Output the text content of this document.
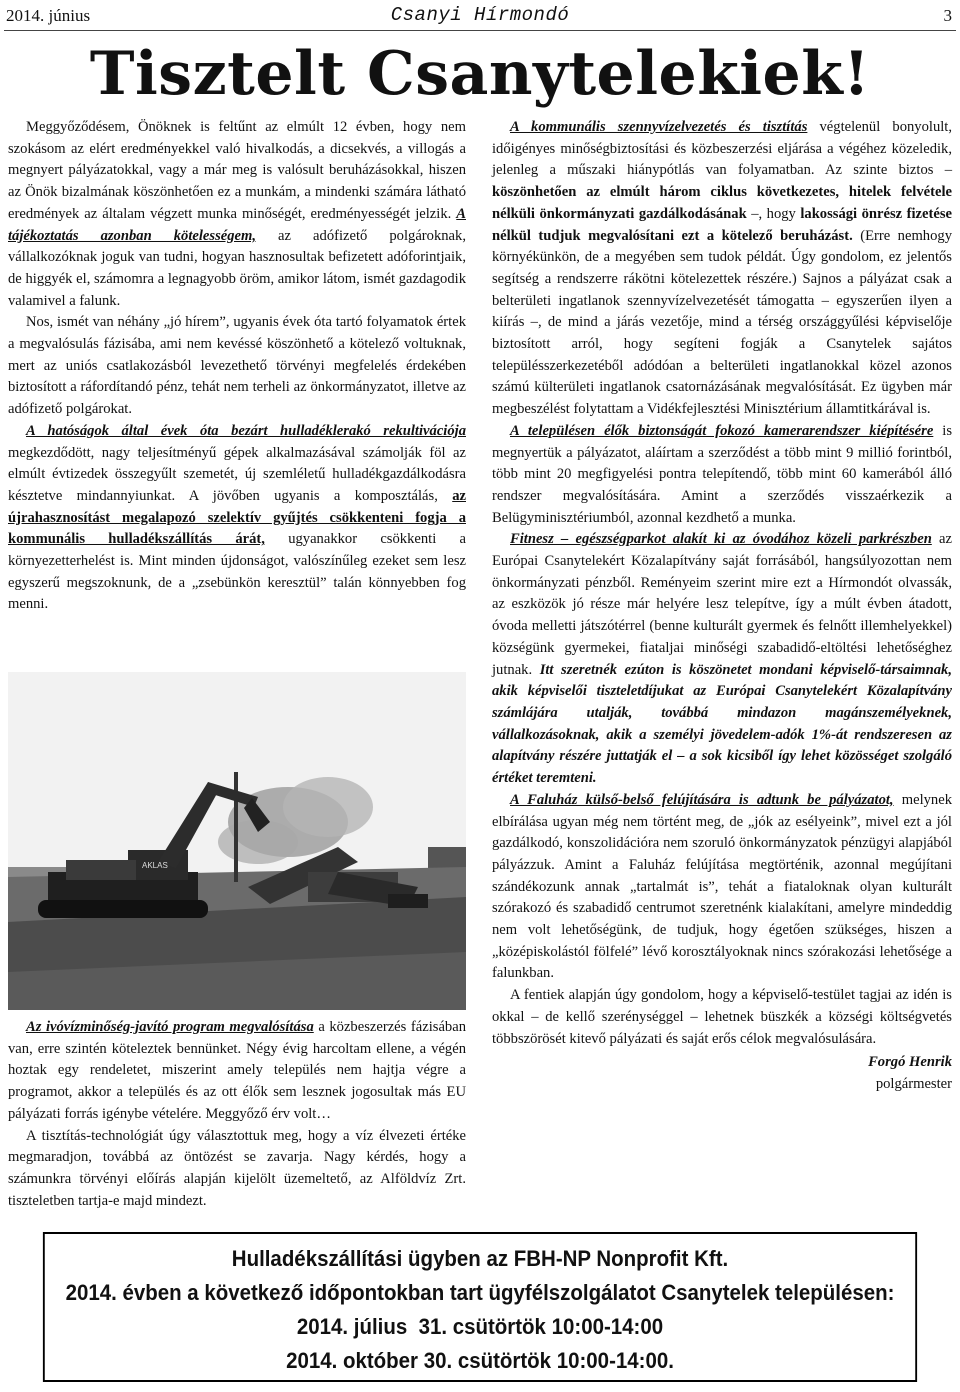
2014. június	Csanyi Hírmondó	3
Tisztelt Csanytelekiek!

Meggyőződésem, Önöknek is feltűnt az elmúlt 12 évben, hogy nem szokásom az elért eredményekkel való hivalkodás, a dicsekvés, a villogás a megnyert pályázatokkal, vagy a már meg is valósult beruházásokkal, hiszen az Önök bizalmának köszönhetően ez a munkám, a mindenki számára látható eredmények az általam végzett munka minőségét, eredményességét jelzik. A tájékoztatás azonban kötelességem, az adófizető polgároknak, vállalkozóknak joguk van tudni, hogyan hasznosultak befizetett adóforintjaik, de higgyék el, számomra a legnagyobb öröm, amikor látom, ismét gazdagodik valamivel a falunk.

Nos, ismét van néhány „jó hírem”, ugyanis évek óta tartó folyamatok értek a megvalósulás fázisába, ami nem kevéssé köszönhető a kötelező voltuknak, mert az uniós csatlakozásból levezethető törvényi megfelelés érdekében biztosított a ráfordítandó pénz, tehát nem terheli az önkormányzatot, illetve az adófizető polgárokat.

A hatóságok által évek óta bezárt hulladéklerakó rekultivációja megkezdődött, nagy teljesítményű gépek alkalmazásával számolják föl az elmúlt évtizedek összegyűlt szemetét, új szemléletű hulladékgazdálkodásra késztetve mindannyiunkat. A jövőben ugyanis a komposztálás, az újrahasznosítást megalapozó szelektív gyűjtés csökkenteni fogja a kommunális hulladékszállítás árát, ugyanakkor csökkenti a környezetterhelést is. Mint minden újdonságot, valószínűleg ezeket sem lesz egyszerű megszoknunk, de a „zsebünkön keresztül” talán könnyebben fog menni.

AKLAS

Az ivóvízminőség-javító program megvalósítása a közbeszerzés fázisában van, erre szintén köteleztek bennünket. Négy évig harcoltam ellene, a végén hoztak egy rendeletet, miszerint amely település nem hajtja végre a programot, akkor a település és az ott élők sem lesznek jogosultak más EU pályázati forrás igénybe vételére. Meggyőző érv volt…

A tisztítás-technológiát úgy választottuk meg, hogy a víz élvezeti értéke megmaradjon, továbbá az öntözést se zavarja. Nagy kérdés, hogy a számunkra törvényi előírás alapján kijelölt üzemeltető, az Alföldvíz Zrt. tiszteletben tartja-e majd mindezt.

A kommunális szennyvízelvezetés és tisztítás végtelenül bonyolult, időigényes minőségbiztosítási és közbeszerzési eljárása a végéhez közeledik, jelenleg a műszaki hiánypótlás van folyamatban. Az szinte biztos – köszönhetően az elmúlt három ciklus következetes, hitelek felvétele nélküli önkormányzati gazdálkodásának –, hogy lakossági önrész fizetése nélkül tudjuk megvalósítani ezt a kötelező beruházást. (Erre nemhogy környékünkön, de a megyében sem tudok példát. Úgy gondolom, ez jelentős segítség a rendszerre rákötni kötelezettek részére.) Sajnos a pályázat csak a belterületi ingatlanok szennyvízelvezetését támogatta – egyszerűen ilyen a kiírás –, de mind a járás vezetője, mind a térség országgyűlési képviselője biztosított arról, hogy segíteni fogják a Csanytelek sajátos településszerkezetéből adódóan a belterületi ingatlanokkal közel azonos számú külterületi ingatlanok csatornázásának megvalósítását. Ez ügyben már megbeszélést folytattam a Vidékfejlesztési Minisztérium államtitkárával is.

A településen élők biztonságát fokozó kamerarendszer kiépítésére is megnyertük a pályázatot, aláírtam a szerződést a több mint 9 millió forintból, több mint 20 megfigyelési pontra telepítendő, több mint 60 kamerából álló rendszer megvalósítására. Amint a szerződés visszaérkezik a Belügyminisztériumból, azonnal kezdhető a munka.

Fitnesz – egészségparkot alakít ki az óvodához közeli parkrészben az Európai Csanytelekért Közalapítvány saját forrásából, hangsúlyozottan nem önkormányzati pénzből. Reményeim szerint mire ezt a Hírmondót olvassák, az eszközök jó része már helyére lesz telepítve, így a múlt évben átadott, óvoda melletti játszótérrel (benne kulturált gyermek és felnőtt illemhelyekkel) községünk gyermekei, fiataljai minőségi szabadidő-eltöltési lehetőséghez jutnak. Itt szeretnék ezúton is köszönetet mondani képviselő-társaimnak, akik képviselői tiszteletdíjukat az Európai Csanytelekért Közalapítvány számlájára utalják, továbbá mindazon magánszemélyeknek, vállalkozásoknak, akik a személyi jövedelem-adók 1%-át rendszeresen az alapítvány részére juttatják el – a sok kicsiből így lehet közösséget szolgáló értéket teremteni.

A Faluház külső-belső felújítására is adtunk be pályázatot, melynek elbírálása ugyan még nem történt meg, de „jók az esélyeink”, mivel ezt a jól gazdálkodó, konszolidációra nem szoruló önkormányzatok pénzügyi alapjából pályázzuk. Amint a Faluház felújítása megtörténik, azonnal megújítani szándékozunk annak „tartalmát is”, tehát a fiataloknak olyan kulturált szórakozó és szabadidő centrumot szeretnénk kialakítani, amelyre mindeddig nem volt lehetőségünk, de tudjuk, hogy égetően szükséges, hiszen a „középiskolástól fölfelé” lévő korosztályoknak nincs szórakozási lehetősége a falunkban.

A fentiek alapján úgy gondolom, hogy a képviselő-testület tagjai az idén is okkal – de kellő szerénységgel – lehetnek büszkék a községi költségvetés többszörösét kitevő pályázati és saját erős célok megvalósulására.

Forgó Henrik
polgármester
Hulladékszállítási ügyben az FBH-NP Nonprofit Kft.
2014. évben a következő időpontokban tart ügyfélszolgálatot Csanytelek településen:
2014. július  31. csütörtök 10:00-14:00
2014. október 30. csütörtök 10:00-14:00.
